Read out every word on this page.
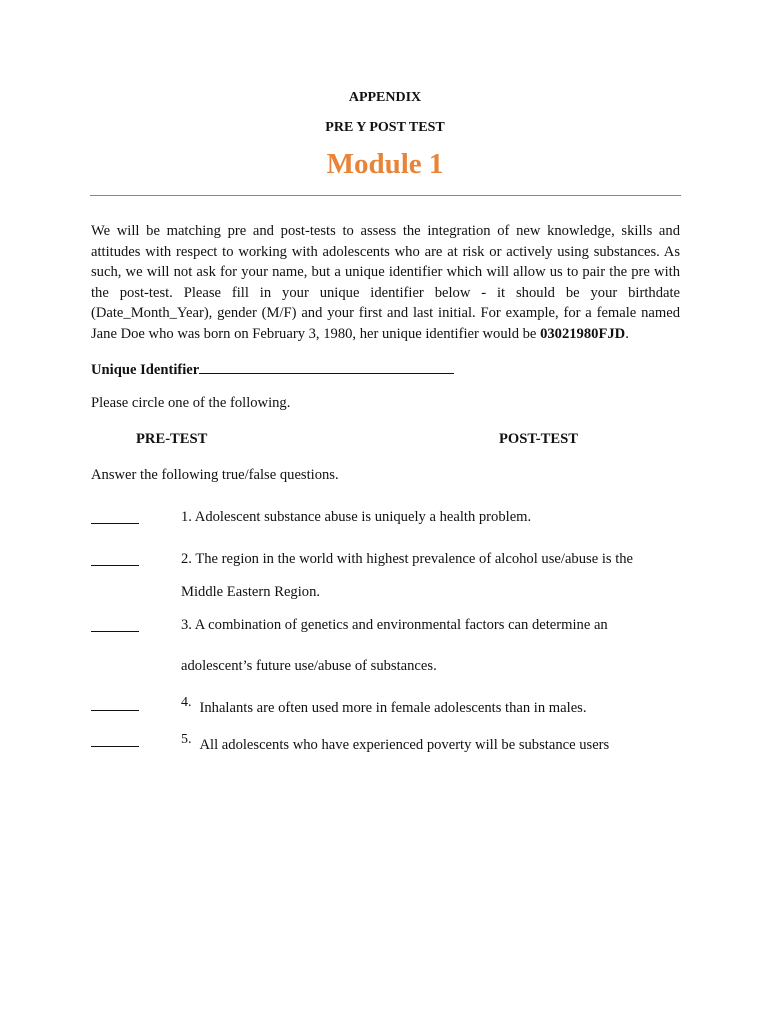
APPENDIX
PRE Y POST TEST
Module 1
We will be matching pre and post-tests to assess the integration of new knowledge, skills and attitudes with respect to working with adolescents who are at risk or actively using substances. As such, we will not ask for your name, but a unique identifier which will allow us to pair the pre with the post-test. Please fill in your unique identifier below - it should be your birthdate (Date_Month_Year), gender (M/F) and your first and last initial. For example, for a female named Jane Doe who was born on February 3, 1980, her unique identifier would be 03021980FJD.
Unique Identifier
Please circle one of the following.
PRE-TEST	POST-TEST
Answer the following true/false questions.
1. Adolescent substance abuse is uniquely a health problem.
2. The region in the world with highest prevalence of alcohol use/abuse is the
Middle Eastern Region.
3. A combination of genetics and environmental factors can determine an
adolescent’s future use/abuse of substances.
4. Inhalants are often used more in female adolescents than in males.
5. All adolescents who have experienced poverty will be substance users
